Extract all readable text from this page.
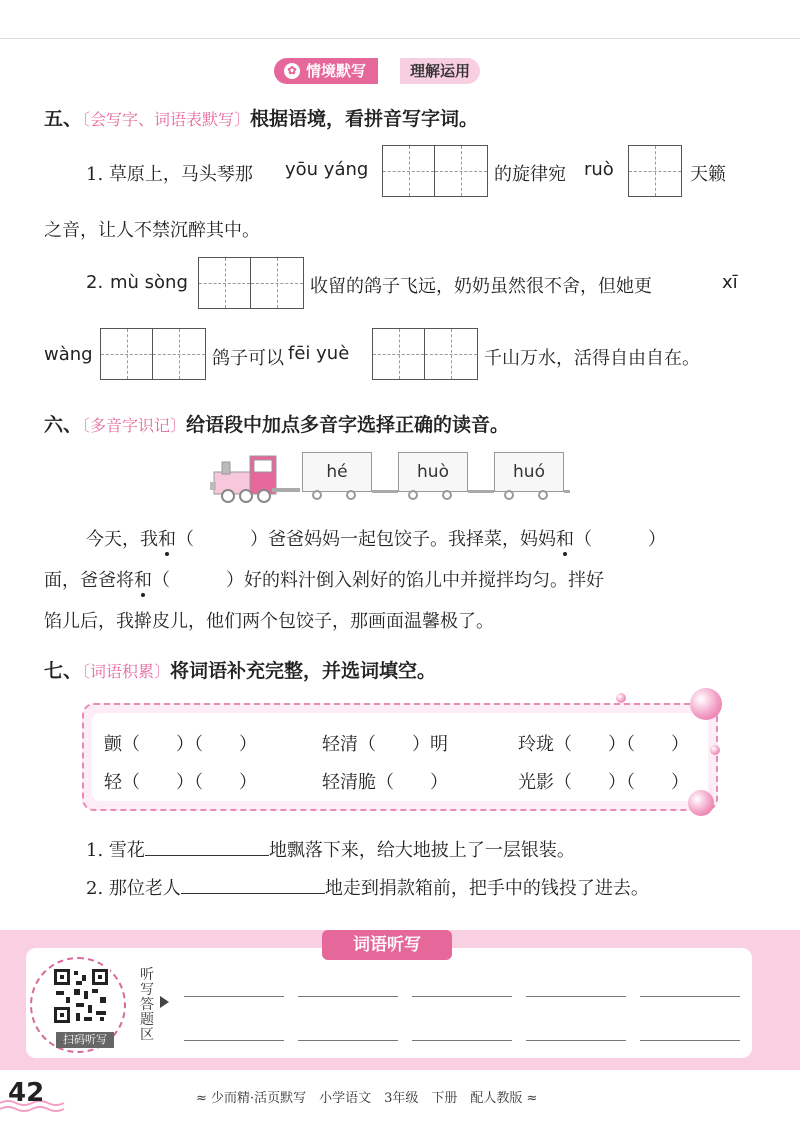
✿ 情境默写	理解运用
五、〔会写字、词语表默写〕根据语境，看拼音写字词。
1. 草原上，马头琴那 yōu yáng	的旋律宛 ruò	天籁
之音，让人不禁沉醉其中。
2. mù sòng	收留的鸽子飞远，奶奶虽然很不舍，但她更	xī
wàng	鸽子可以 fēi yuè	千山万水，活得自由自在。
六、〔多音字识记〕给语段中加点多音字选择正确的读音。
hé	huò	huó
今天，我和（	）爸爸妈妈一起包饺子。我择菜，妈妈和（	）
面，爸爸将和（	）好的料汁倒入剁好的馅儿中并搅拌均匀。拌好
馅儿后，我擀皮儿，他们两个包饺子，那画面温馨极了。
七、〔词语积累〕将词语补充完整，并选词填空。
颤（　　）（　　）	轻清（　　）明	玲珑（　　）（　　）
轻（　　）（　　）	轻清脆（　　）	光影（　　）（　　）
1. 雪花	地飘落下来，给大地披上了一层银装。
2. 那位老人	地走到捐款箱前，把手中的钱投了进去。
词语听写
扫码听写
听写答题区
42	≈ 少而精·活页默写　小学语文　3年级　下册　配人教版 ≈
